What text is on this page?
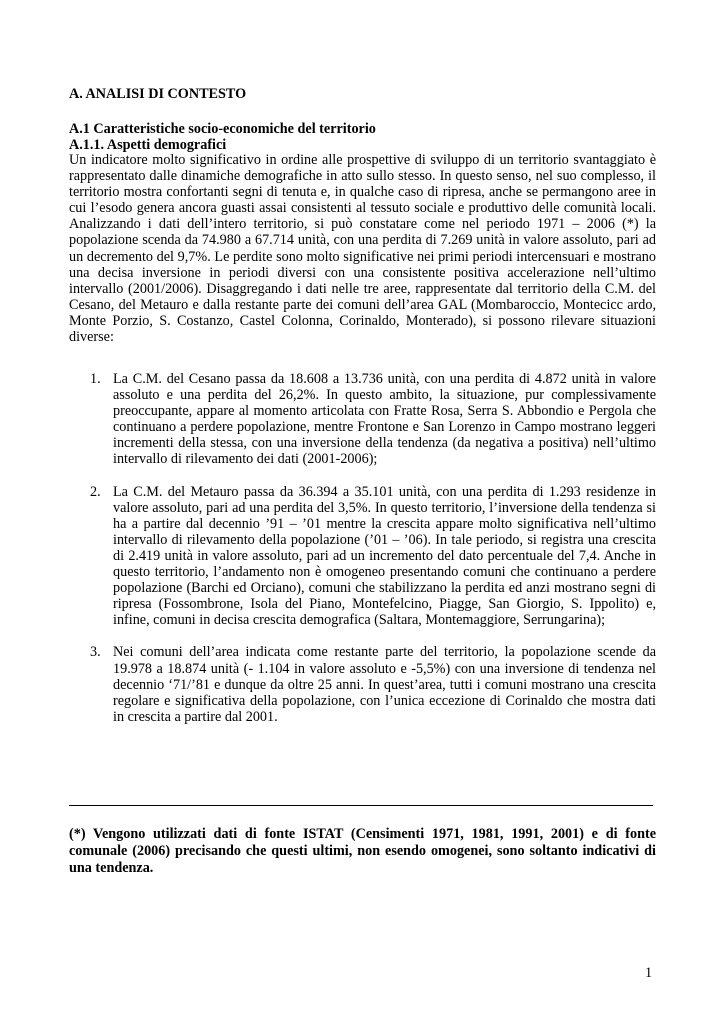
A. ANALISI DI CONTESTO
A.1 Caratteristiche socio-economiche del territorio
A.1.1. Aspetti demografici
Un indicatore molto significativo in ordine alle prospettive di sviluppo di un territorio svantaggiato è rappresentato dalle dinamiche demografiche in atto sullo stesso. In questo senso, nel suo complesso, il territorio mostra confortanti segni di tenuta e, in qualche caso di ripresa, anche se permangono aree in cui l’esodo genera ancora guasti assai consistenti al tessuto sociale e produttivo delle comunità locali. Analizzando i dati dell’intero territorio, si può constatare come nel periodo 1971 – 2006 (*) la popolazione scenda da 74.980 a 67.714 unità, con una perdita di 7.269 unità in valore assoluto, pari ad un decremento del 9,7%. Le perdite sono molto significative nei primi periodi intercensuari e mostrano una decisa inversione in periodi diversi con una consistente positiva accelerazione nell’ultimo intervallo (2001/2006). Disaggregando i dati nelle tre aree, rappresentate dal territorio della C.M. del Cesano, del Metauro e dalla restante parte dei comuni dell’area GAL (Mombaroccio, Montecicc ardo, Monte Porzio, S. Costanzo, Castel Colonna, Corinaldo, Monterado), si possono rilevare situazioni diverse:
1. La C.M. del Cesano passa da 18.608 a 13.736 unità, con una perdita di 4.872 unità in valore assoluto e una perdita del 26,2%. In questo ambito, la situazione, pur complessivamente preoccupante, appare al momento articolata con Fratte Rosa, Serra S. Abbondio e Pergola che continuano a perdere popolazione, mentre Frontone e San Lorenzo in Campo mostrano leggeri incrementi della stessa, con una inversione della tendenza (da negativa a positiva) nell’ultimo intervallo di rilevamento dei dati (2001-2006);
2. La C.M. del Metauro passa da 36.394 a 35.101 unità, con una perdita di 1.293 residenze in valore assoluto, pari ad una perdita del 3,5%. In questo territorio, l’inversione della tendenza si ha a partire dal decennio ’91 – ’01 mentre la crescita appare molto significativa nell’ultimo intervallo di rilevamento della popolazione (’01 – ’06). In tale periodo, si registra una crescita di 2.419 unità in valore assoluto, pari ad un incremento del dato percentuale del 7,4. Anche in questo territorio, l’andamento non è omogeneo presentando comuni che continuano a perdere popolazione (Barchi ed Orciano), comuni che stabilizzano la perdita ed anzi mostrano segni di ripresa (Fossombrone, Isola del Piano, Montefelcino, Piagge, San Giorgio, S. Ippolito) e, infine, comuni in decisa crescita demografica (Saltara, Montemaggiore, Serrungarina);
3. Nei comuni dell’area indicata come restante parte del territorio, la popolazione scende da 19.978 a 18.874 unità (- 1.104 in valore assoluto e -5,5%) con una inversione di tendenza nel decennio ‘71/’81 e dunque da oltre 25 anni. In quest’area, tutti i comuni mostrano una crescita regolare e significativa della popolazione, con l’unica eccezione di Corinaldo che mostra dati in crescita a partire dal 2001.
(*) Vengono utilizzati dati di fonte ISTAT (Censimenti 1971, 1981, 1991, 2001) e di fonte comunale (2006) precisando che questi ultimi, non esendo omogenei, sono soltanto indicativi di una tendenza.
1
